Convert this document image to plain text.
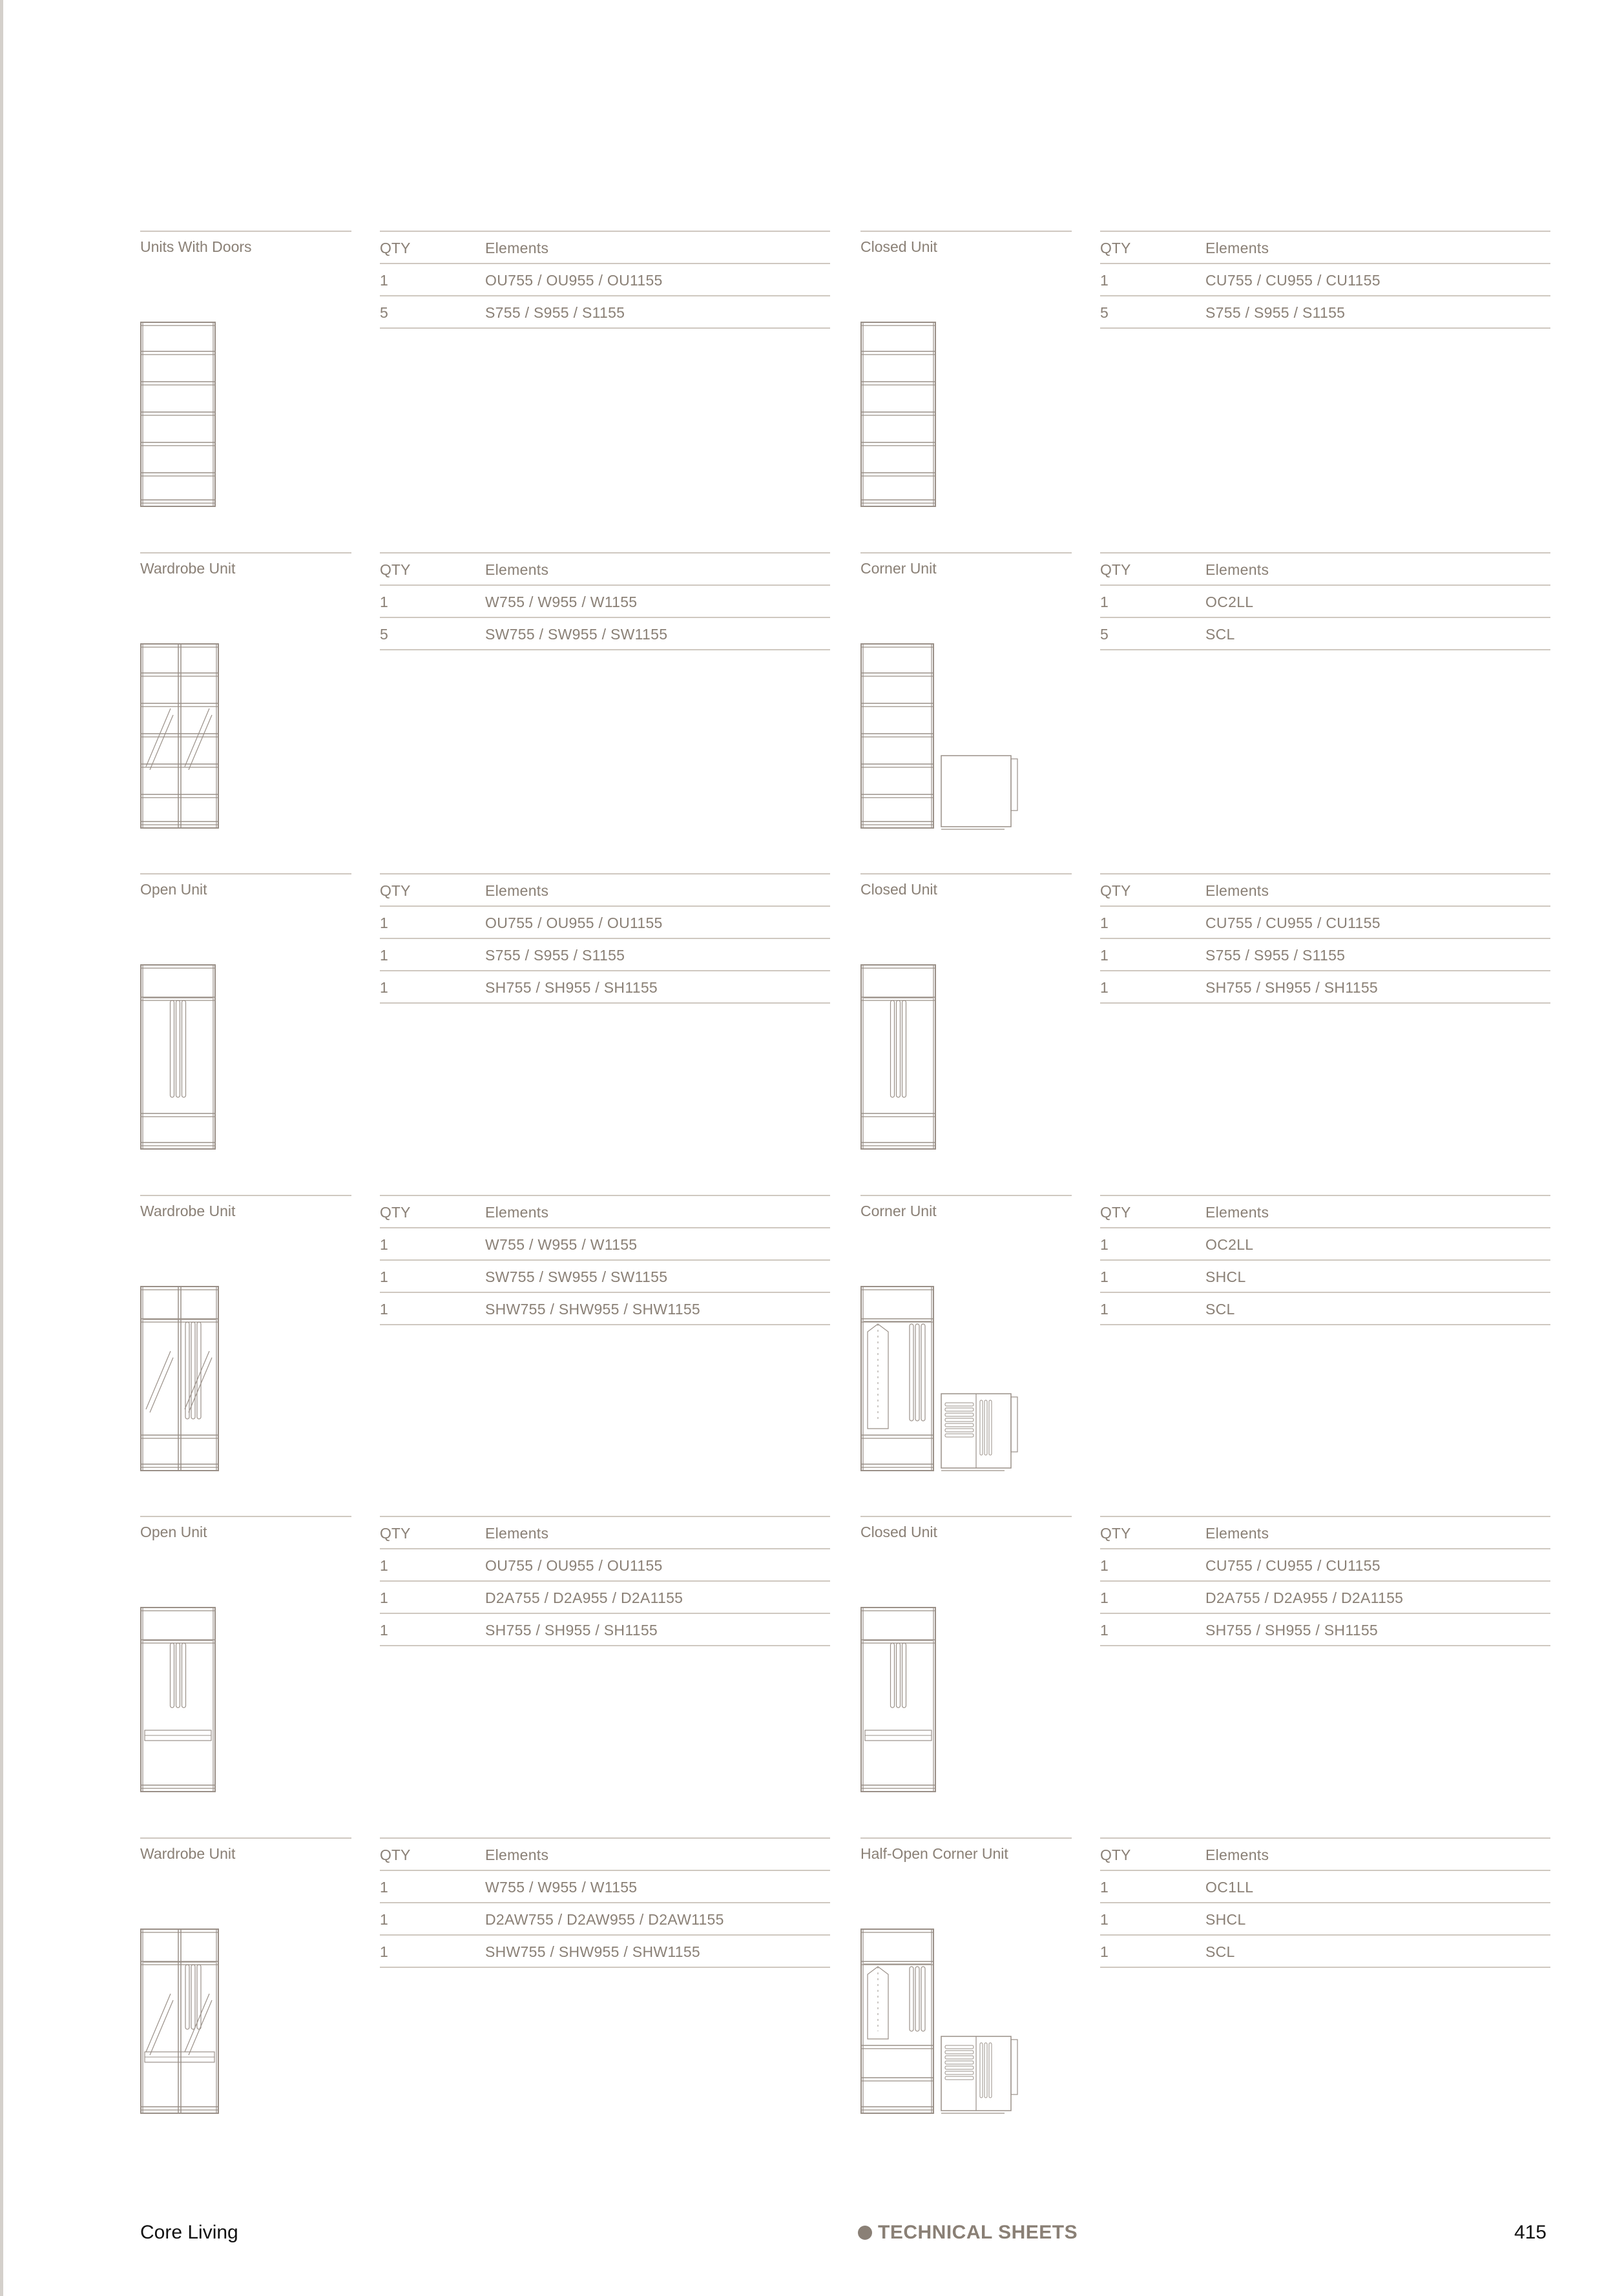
Units With Doors	QTY	Elements
1	OU755 / OU955 / OU1155
5	S755 / S955 / S1155
Closed Unit	QTY	Elements
1	CU755 / CU955 / CU1155
5	S755 / S955 / S1155
Wardrobe Unit	QTY	Elements
1	W755 / W955 / W1155
5	SW755 / SW955 / SW1155
Corner Unit	QTY	Elements
1	OC2LL
5	SCL
Open Unit	QTY	Elements
1	OU755 / OU955 / OU1155
1	S755 / S955 / S1155
1	SH755 / SH955 / SH1155
Closed Unit	QTY	Elements
1	CU755 / CU955 / CU1155
1	S755 / S955 / S1155
1	SH755 / SH955 / SH1155
Wardrobe Unit	QTY	Elements
1	W755 / W955 / W1155
1	SW755 / SW955 / SW1155
1	SHW755 / SHW955 / SHW1155
Corner Unit	QTY	Elements
1	OC2LL
1	SHCL
1	SCL
Open Unit	QTY	Elements
1	OU755 / OU955 / OU1155
1	D2A755 / D2A955 / D2A1155
1	SH755 / SH955 / SH1155
Closed Unit	QTY	Elements
1	CU755 / CU955 / CU1155
1	D2A755 / D2A955 / D2A1155
1	SH755 / SH955 / SH1155
Wardrobe Unit	QTY	Elements
1	W755 / W955 / W1155
1	D2AW755 / D2AW955 / D2AW1155
1	SHW755 / SHW955 / SHW1155
Half-Open Corner Unit	QTY	Elements
1	OC1LL
1	SHCL
1	SCL
Core Living	TECHNICAL SHEETS	415
